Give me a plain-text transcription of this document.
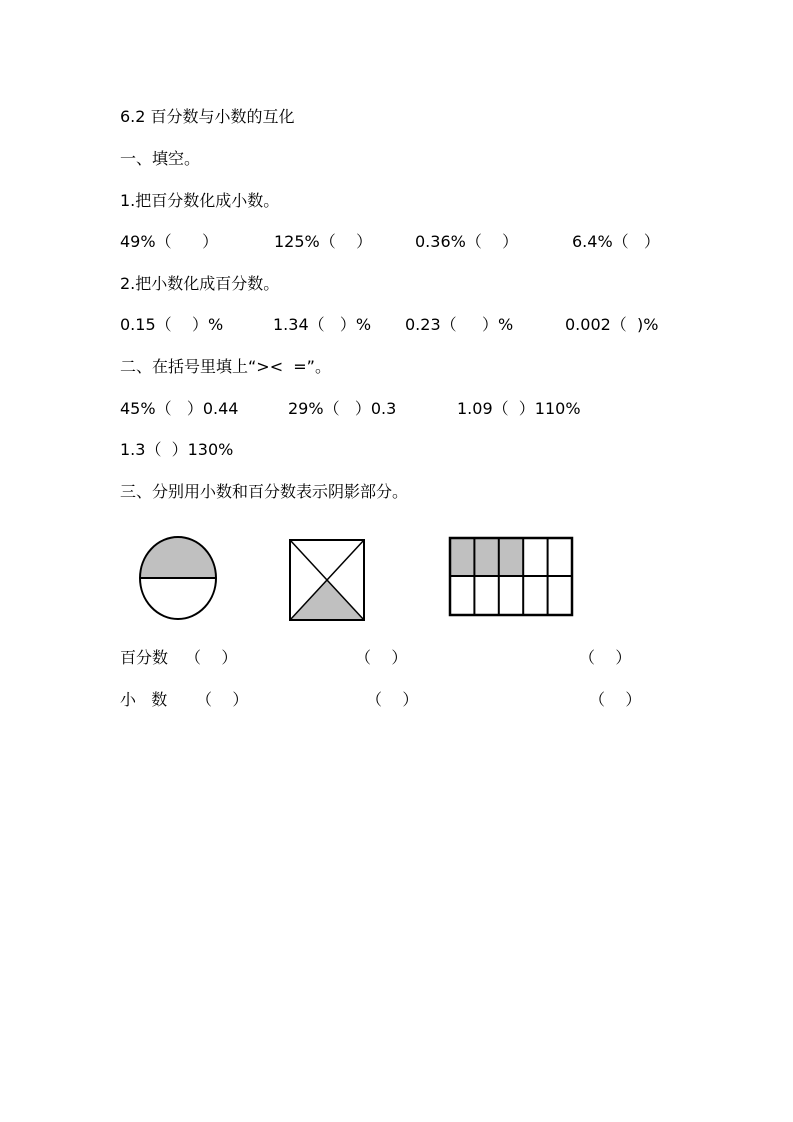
6.2 百分数与小数的互化
一、填空。
1.把百分数化成小数。
49%（      ）	125%（    ）	0.36%（    ）	6.4%（   ）
2.把小数化成百分数。
0.15（    ）%	1.34（   ）% 0.23（     ）%	0.002（  )%
二、在括号里填上“><  =”。
45%（   ）0.44	29%（   ）0.3	1.09（  ）110%
1.3（  ）130%
三、分别用小数和百分数表示阴影部分。
百分数 （    ）	（    ）	（    ）
小   数 （    ）	（    ）	（    ）
